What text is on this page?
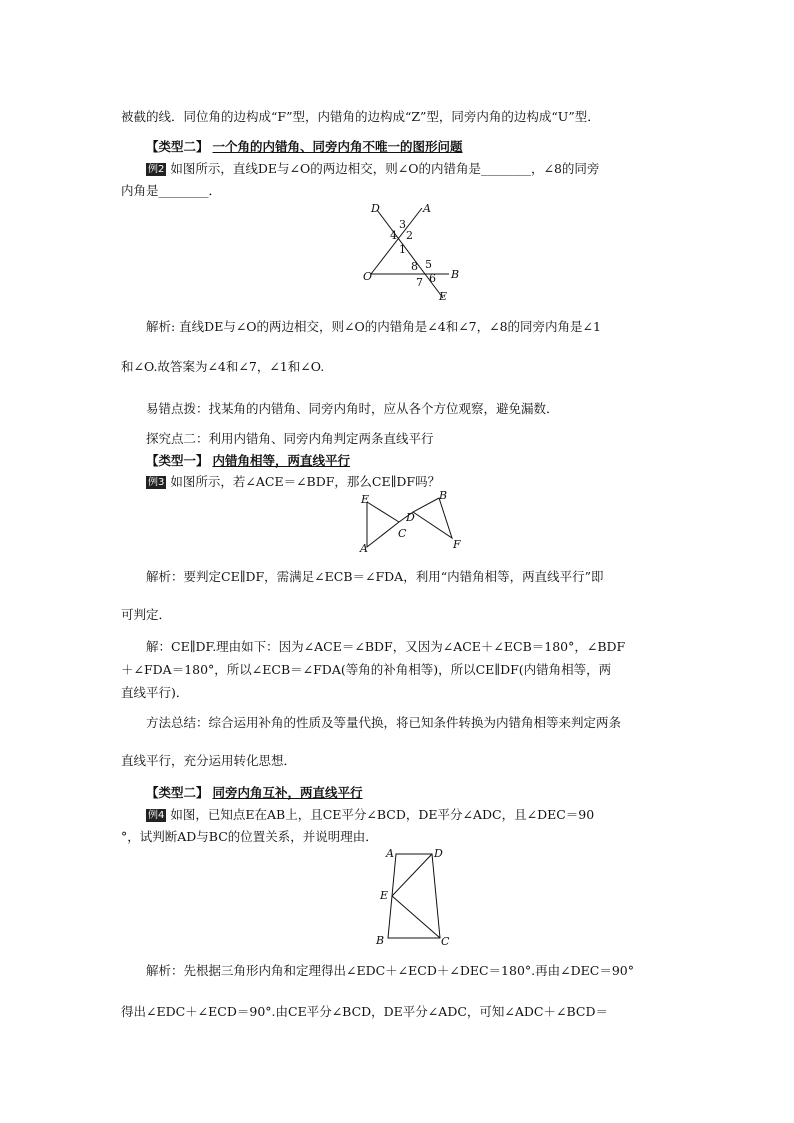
被截的线．同位角的边构成“F”型，内错角的边构成“Z”型，同旁内角的边构成“U”型．
【类型二】 一个角的内错角、同旁内角不唯一的图形问题
例2 如图所示，直线DE与∠O的两边相交，则∠O的内错角是________，∠8的同旁
内角是________．
D	A
3
4 2
1
8 5
7 6
O	B
E
解析: 直线DE与∠O的两边相交，则∠O的内错角是∠4和∠7，∠8的同旁内角是∠1
和∠O.故答案为∠4和∠7，∠1和∠O.
易错点拨：找某角的内错角、同旁内角时，应从各个方位观察，避免漏数．
探究点二：利用内错角、同旁内角判定两条直线平行
【类型一】 内错角相等，两直线平行
例3 如图所示，若∠ACE＝∠BDF，那么CE∥DF吗？
E	B
D
C
A	F
解析：要判定CE∥DF，需满足∠ECB＝∠FDA，利用“内错角相等，两直线平行”即
可判定．
解：CE∥DF.理由如下：因为∠ACE＝∠BDF，又因为∠ACE＋∠ECB＝180°，∠BDF
＋∠FDA＝180°，所以∠ECB＝∠FDA(等角的补角相等)，所以CE∥DF(内错角相等，两
直线平行)．
方法总结：综合运用补角的性质及等量代换，将已知条件转换为内错角相等来判定两条
直线平行，充分运用转化思想．
【类型二】 同旁内角互补，两直线平行
例4 如图，已知点E在AB上，且CE平分∠BCD，DE平分∠ADC，且∠DEC＝90
°，试判断AD与BC的位置关系，并说明理由．
A	D
E
B	C
解析：先根据三角形内角和定理得出∠EDC＋∠ECD＋∠DEC＝180°.再由∠DEC＝90°
得出∠EDC＋∠ECD＝90°.由CE平分∠BCD，DE平分∠ADC，可知∠ADC＋∠BCD＝
